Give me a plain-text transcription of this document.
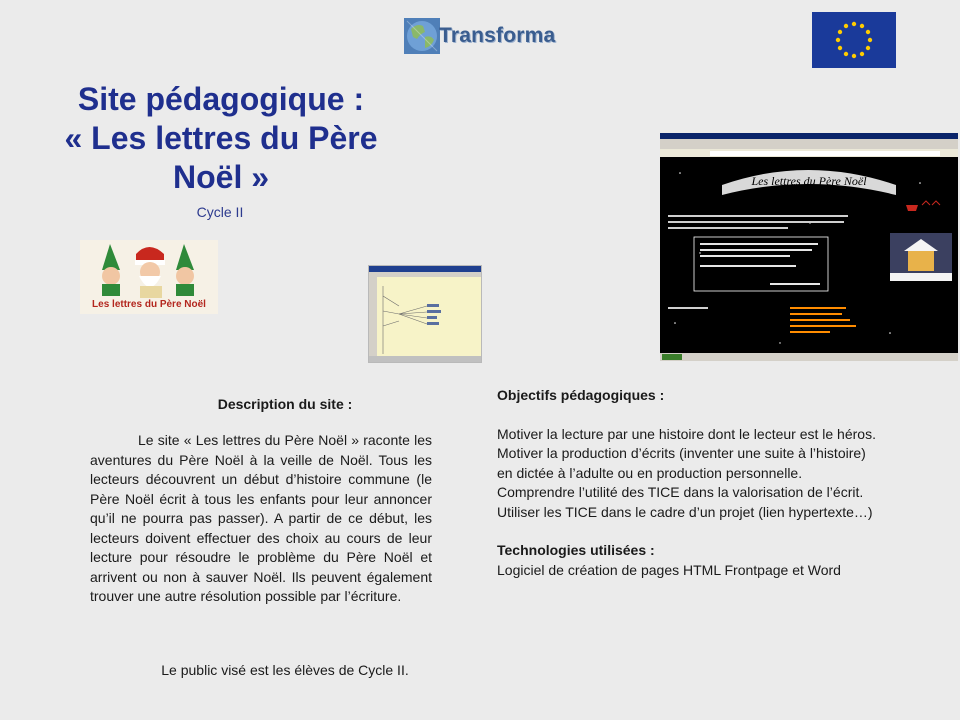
Transforma
Site pédagogique :
« Les lettres du Père
Noël »
Cycle II
Les lettres du Père Noël
Les lettres du Père Noël
Description du site :

Le site « Les lettres du Père Noël » raconte les aventures du Père Noël à la veille de Noël. Tous les lecteurs découvrent un début d’histoire commune (le Père Noël écrit à tous les enfants pour leur annoncer qu’il ne pourra pas passer). A partir de ce début, les lecteurs doivent effectuer des choix au cours de leur lecture pour résoudre le problème du Père Noël et arrivent ou non à sauver Noël. Ils peuvent également trouver une autre résolution possible par l’écriture.

Le public visé est les élèves de Cycle II.
Objectifs pédagogiques :
Motiver la lecture par une histoire dont le lecteur est le héros.
Motiver la production d’écrits (inventer une suite à l’histoire)
en dictée à l’adulte ou en production personnelle.
Comprendre l’utilité des TICE dans la valorisation de l’écrit.
Utiliser les TICE dans le cadre d’un projet (lien hypertexte…)
Technologies utilisées :
Logiciel de création de pages HTML Frontpage et Word
